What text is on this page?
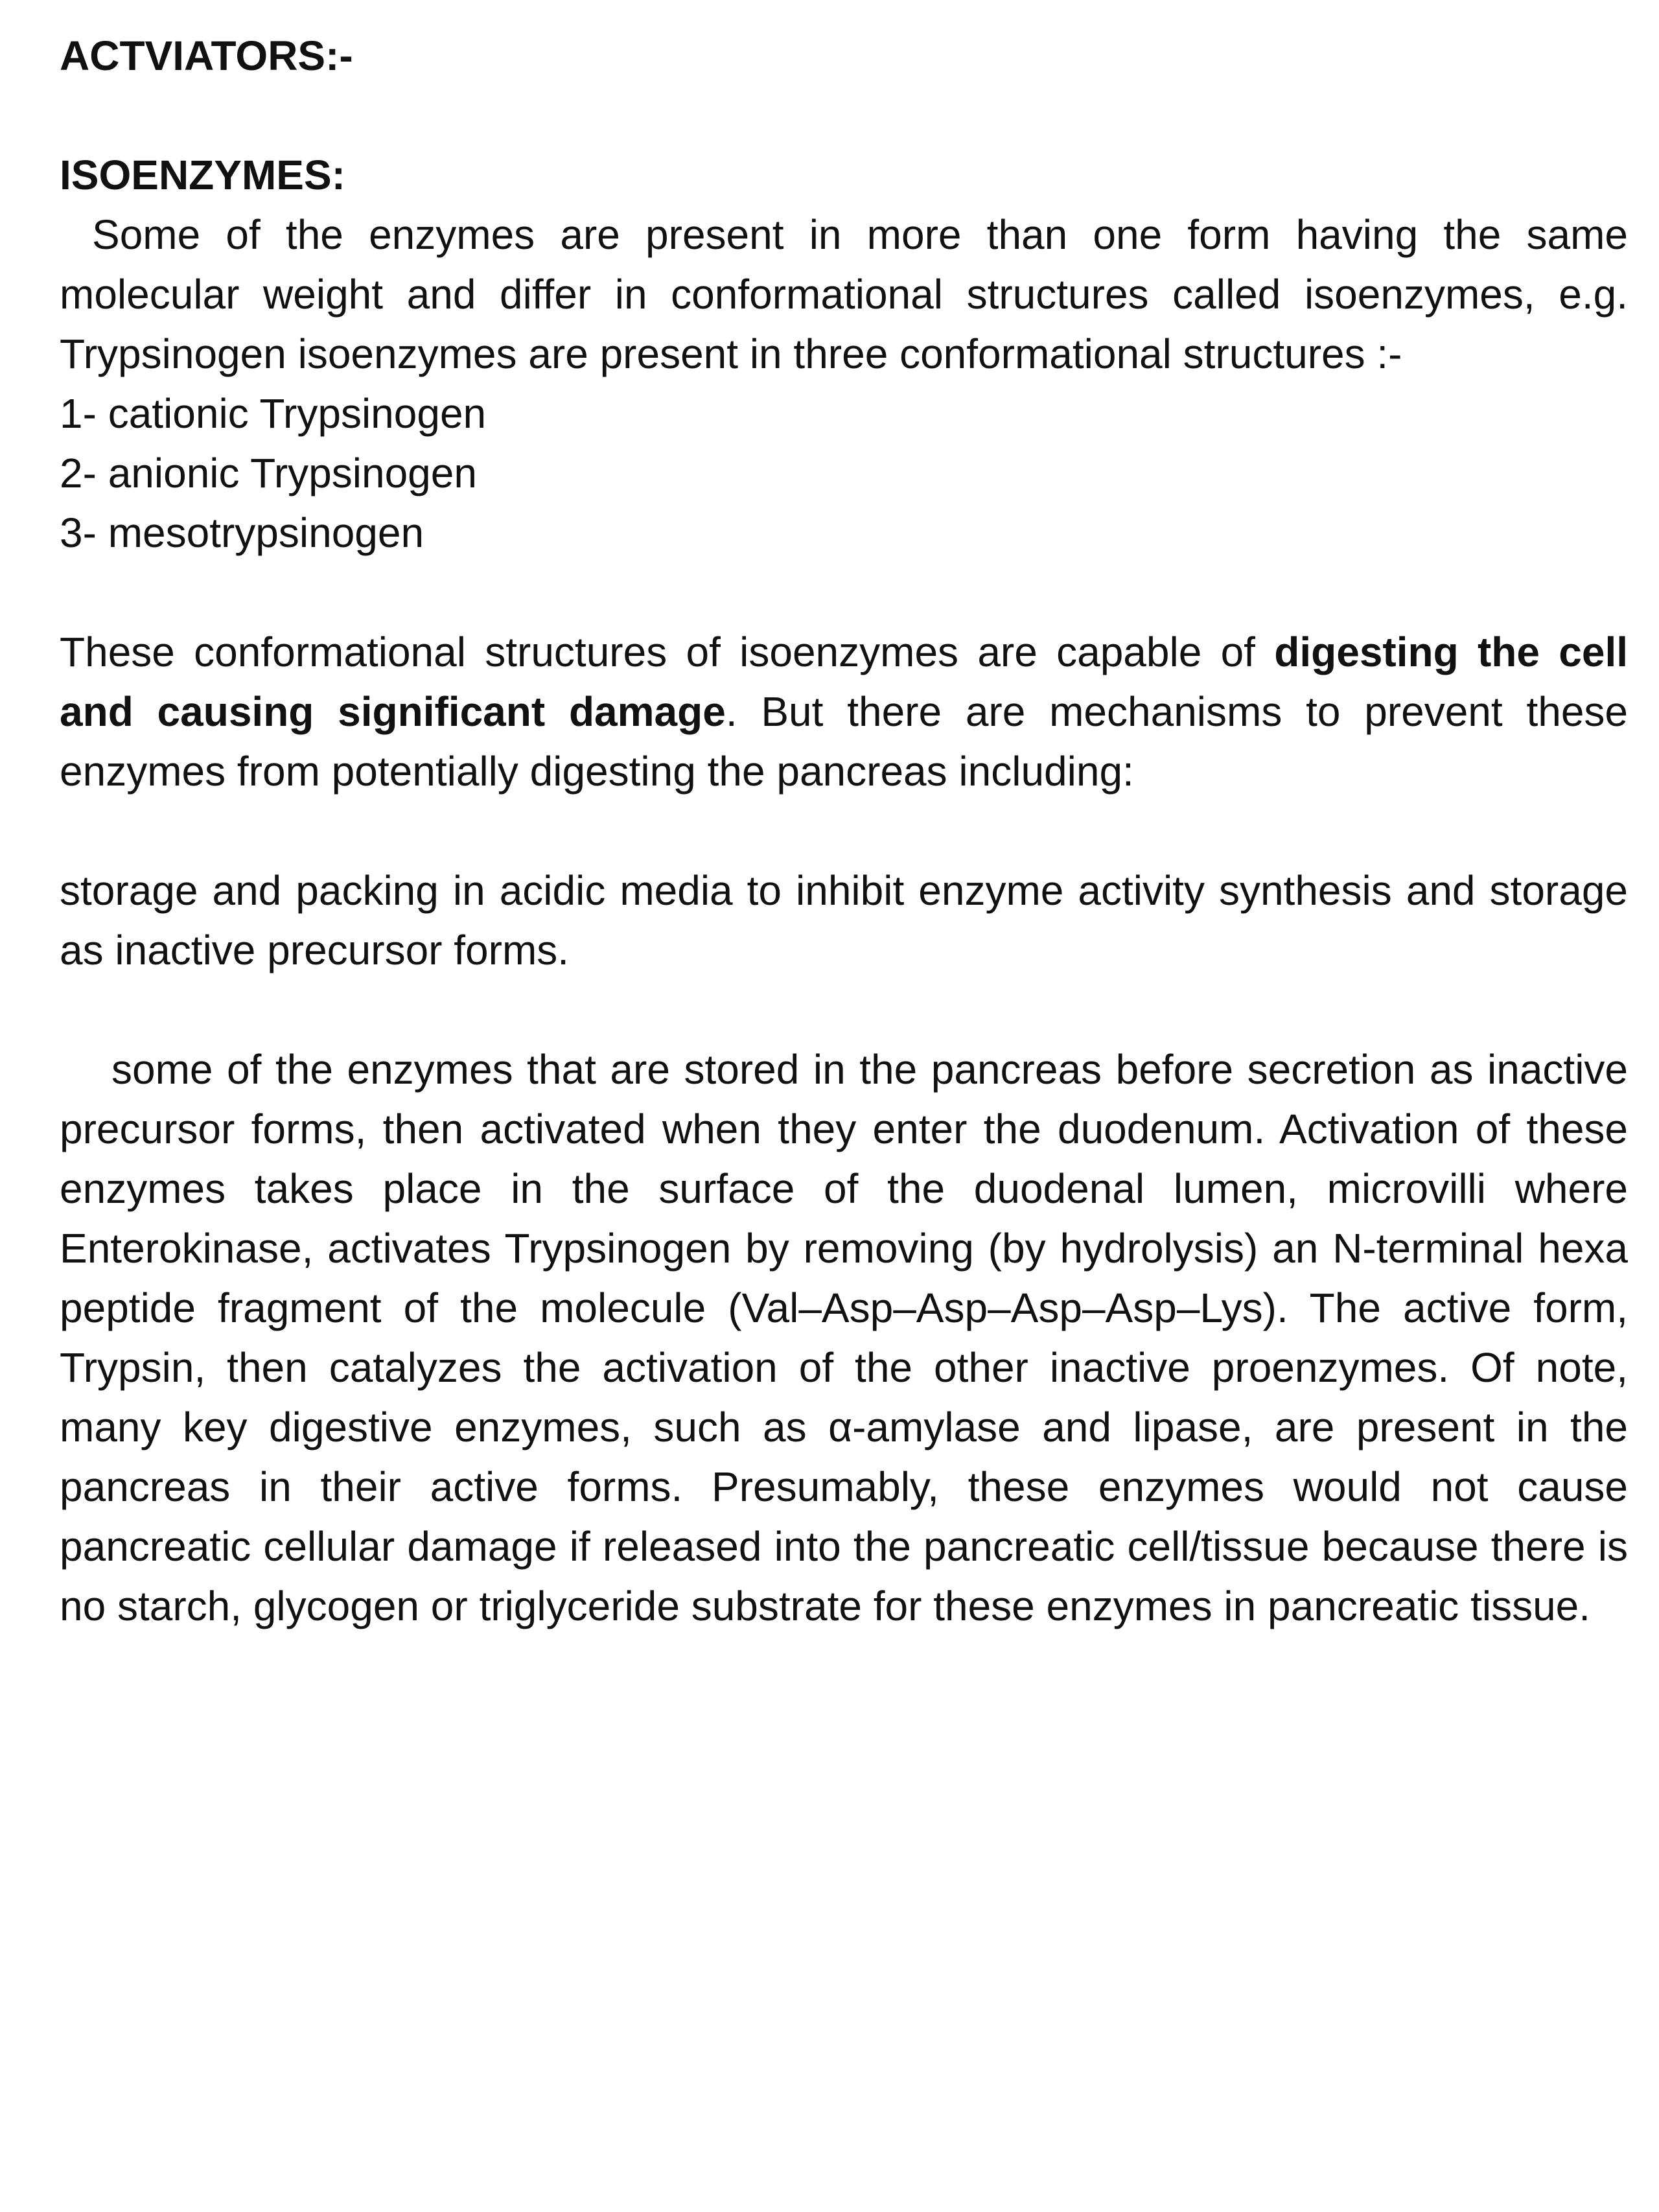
ACTVIATORS:-
ISOENZYMES:

Some of the enzymes are present in more than one form having the same molecular weight and differ in conformational structures called isoenzymes, e.g. Trypsinogen isoenzymes are present in three conformational structures :-

1- cationic Trypsinogen

2- anionic Trypsinogen

3- mesotrypsinogen

These conformational structures of isoenzymes are capable of digesting the cell and causing significant damage. But there are mechanisms to prevent these enzymes from potentially digesting the pancreas including:

storage and packing in acidic media to inhibit enzyme activity synthesis and storage as inactive precursor forms.

some of the enzymes that are stored in the pancreas before secretion as inactive precursor forms, then activated when they enter the duodenum. Activation of these enzymes takes place in the surface of the duodenal lumen, microvilli where Enterokinase, activates Trypsinogen by removing (by hydrolysis) an N-terminal hexa peptide fragment of the molecule (Val–Asp–Asp–Asp–Asp–Lys). The active form, Trypsin, then catalyzes the activation of the other inactive proenzymes. Of note, many key digestive enzymes, such as α-amylase and lipase, are present in the pancreas in their active forms. Presumably, these enzymes would not cause pancreatic cellular damage if released into the pancreatic cell/tissue because there is no starch, glycogen or triglyceride substrate for these enzymes in pancreatic tissue.
